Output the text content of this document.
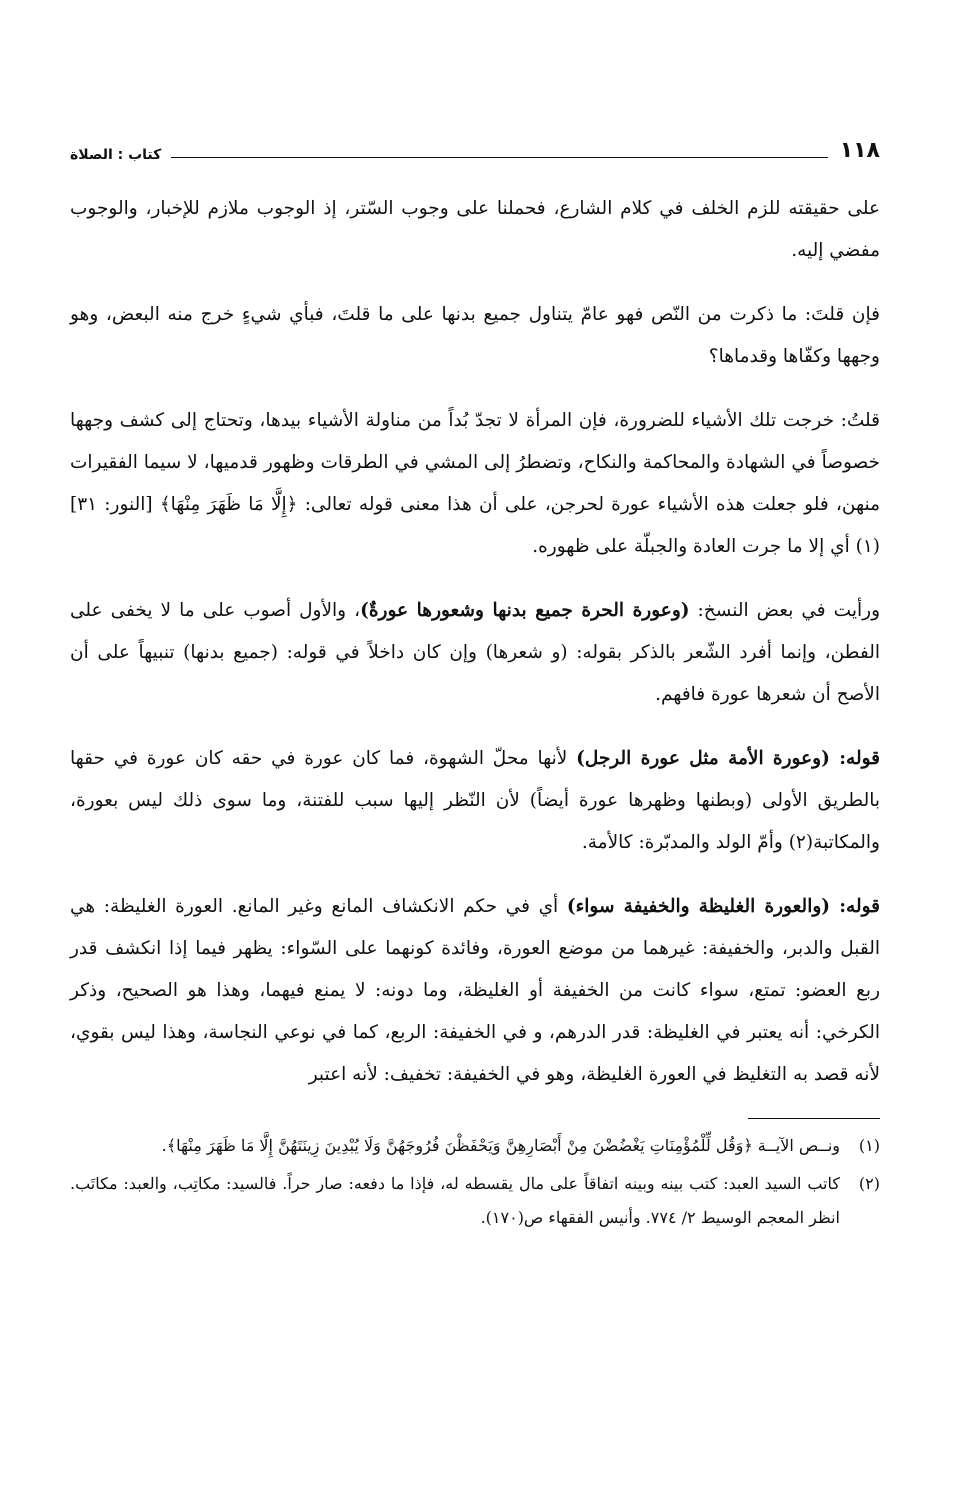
١١٨
كتاب : الصلاة

على حقيقته للزم الخلف في كلام الشارع، فحملنا على وجوب السّتر، إذ الوجوب ملازم للإخبار، والوجوب مفضي إليه.

فإن قلتَ: ما ذكرت من النّص فهو عامّ يتناول جميع بدنها على ما قلتَ، فبأي شيءٍ خرج منه البعض، وهو وجهها وكفّاها وقدماها؟

قلتُ: خرجت تلك الأشياء للضرورة، فإن المرأة لا تجدّ بُداً من مناولة الأشياء بيدها، وتحتاج إلى كشف وجهها خصوصاً في الشهادة والمحاكمة والنكاح، وتضطرُ إلى المشي في الطرقات وظهور قدميها، لا سيما الفقيرات منهن، فلو جعلت هذه الأشياء عورة لحرجن، على أن هذا معنى قوله تعالى: ﴿إِلَّا مَا ظَهَرَ مِنْهَا﴾ [النور: ٣١](١) أي إلا ما جرت العادة والجبلّة على ظهوره.

ورأيت في بعض النسخ: (وعورة الحرة جميع بدنها وشعورها عورةٌ)، والأول أصوب على ما لا يخفى على الفطن، وإنما أفرد الشّعر بالذكر بقوله: (و شعرها) وإن كان داخلاً في قوله: (جميع بدنها) تنبيهاً على أن الأصح أن شعرها عورة فافهم.

قوله: (وعورة الأمة مثل عورة الرجل) لأنها محلّ الشهوة، فما كان عورة في حقه كان عورة في حقها بالطريق الأولى (وبطنها وظهرها عورة أيضاً) لأن النّظر إليها سبب للفتنة، وما سوى ذلك ليس بعورة، والمكاتبة(٢) وأمّ الولد والمدبّرة: كالأمة.

قوله: (والعورة الغليظة والخفيفة سواء) أي في حكم الانكشاف المانع وغير المانع. العورة الغليظة: هي القبل والدبر، والخفيفة: غيرهما من موضع العورة، وفائدة كونهما على السّواء: يظهر فيما إذا انكشف قدر ربع العضو: تمتع، سواء كانت من الخفيفة أو الغليظة، وما دونه: لا يمنع فيهما، وهذا هو الصحيح، وذكر الكرخي: أنه يعتبر في الغليظة: قدر الدرهم، و في الخفيفة: الربع، كما في نوعي النجاسة، وهذا ليس بقوي، لأنه قصد به التغليظ في العورة الغليظة، وهو في الخفيفة: تخفيف: لأنه اعتبر

(١)
ونــص الآيــة ﴿وَقُل لِّلْمُؤْمِنَاتِ يَغْضُضْنَ مِنْ أَبْصَارِهِنَّ وَيَحْفَظْنَ فُرُوجَهُنَّ وَلَا يُبْدِينَ زِينَتَهُنَّ إِلَّا مَا ظَهَرَ مِنْهَا﴾.
(٢)
كاتب السيد العبد: كتب بينه وبينه اتفاقاً على مال يقسطه له، فإذا ما دفعه: صار حراً. فالسيد: مكاتِب، والعبد: مكاتَب. انظر المعجم الوسيط ٢/ ٧٧٤. وأنيس الفقهاء ص(١٧٠).
